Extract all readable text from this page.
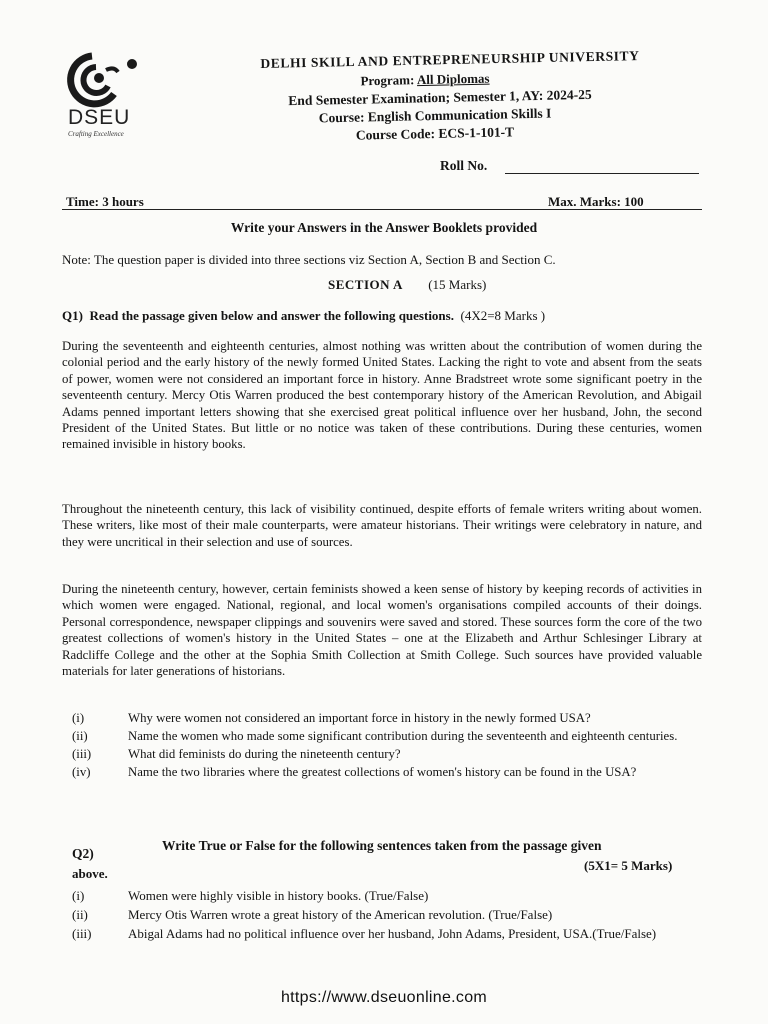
DSEU
Crafting Excellence
DELHI SKILL AND ENTREPRENEURSHIP UNIVERSITY
Program: All Diplomas
End Semester Examination; Semester 1, AY: 2024-25
Course: English Communication Skills I
Course Code: ECS-1-101-T
Roll No.
Time: 3 hours	Max. Marks: 100
Write your Answers in the Answer Booklets provided
Note: The question paper is divided into three sections viz Section A, Section B and Section C.
SECTION A (15 Marks)
Q1) Read the passage given below and answer the following questions. (4X2=8 Marks )

During the seventeenth and eighteenth centuries, almost nothing was written about the contribution of women during the colonial period and the early history of the newly formed United States. Lacking the right to vote and absent from the seats of power, women were not considered an important force in history. Anne Bradstreet wrote some significant poetry in the seventeenth century. Mercy Otis Warren produced the best contemporary history of the American Revolution, and Abigail Adams penned important letters showing that she exercised great political influence over her husband, John, the second President of the United States. But little or no notice was taken of these contributions. During these centuries, women remained invisible in history books.

Throughout the nineteenth century, this lack of visibility continued, despite efforts of female writers writing about women. These writers, like most of their male counterparts, were amateur historians. Their writings were celebratory in nature, and they were uncritical in their selection and use of sources.

During the nineteenth century, however, certain feminists showed a keen sense of history by keeping records of activities in which women were engaged. National, regional, and local women's organisations compiled accounts of their doings. Personal correspondence, newspaper clippings and souvenirs were saved and stored. These sources form the core of the two greatest collections of women's history in the United States – one at the Elizabeth and Arthur Schlesinger Library at Radcliffe College and the other at the Sophia Smith Collection at Smith College. Such sources have provided valuable materials for later generations of historians.

(i)	Why were women not considered an important force in history in the newly formed USA?
(ii)	Name the women who made some significant contribution during the seventeenth and eighteenth centuries.
(iii)	What did feminists do during the nineteenth century?
(iv)	Name the two libraries where the greatest collections of women's history can be found in the USA?
Q2)
Write True or False for the following sentences taken from the passage given
above.
(5X1= 5 Marks)
(i)	Women were highly visible in history books. (True/False)
(ii)	Mercy Otis Warren wrote a great history of the American revolution. (True/False)
(iii)	Abigal Adams had no political influence over her husband, John Adams, President, USA.(True/False)
https://www.dseuonline.com
